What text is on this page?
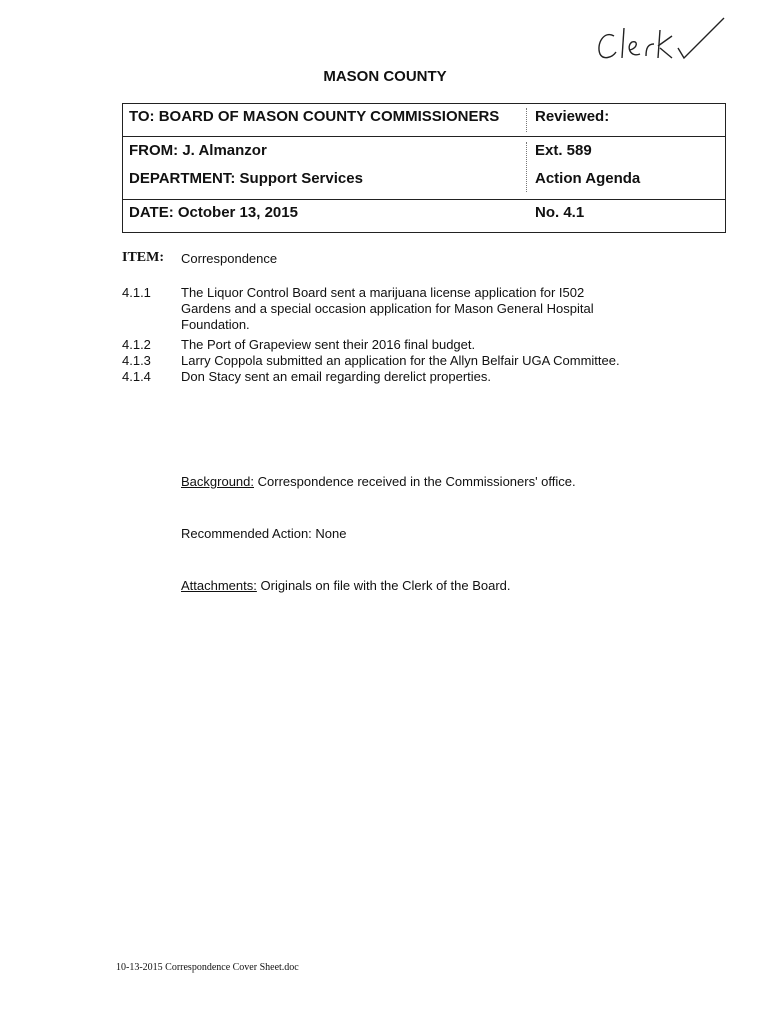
MASON COUNTY
TO: BOARD OF MASON COUNTY COMMISSIONERS Reviewed:
FROM: J. Almanzor	Ext. 589
DEPARTMENT: Support Services	Action Agenda
DATE: October 13, 2015	No. 4.1
ITEM: Correspondence
4.1.1 The Liquor Control Board sent a marijuana license application for I502 Gardens and a special occasion application for Mason General Hospital Foundation.
4.1.2 The Port of Grapeview sent their 2016 final budget.
4.1.3 Larry Coppola submitted an application for the Allyn Belfair UGA Committee.
4.1.4 Don Stacy sent an email regarding derelict properties.
Background: Correspondence received in the Commissioners' office.
Recommended Action: None
Attachments: Originals on file with the Clerk of the Board.
10-13-2015 Correspondence Cover Sheet.doc
